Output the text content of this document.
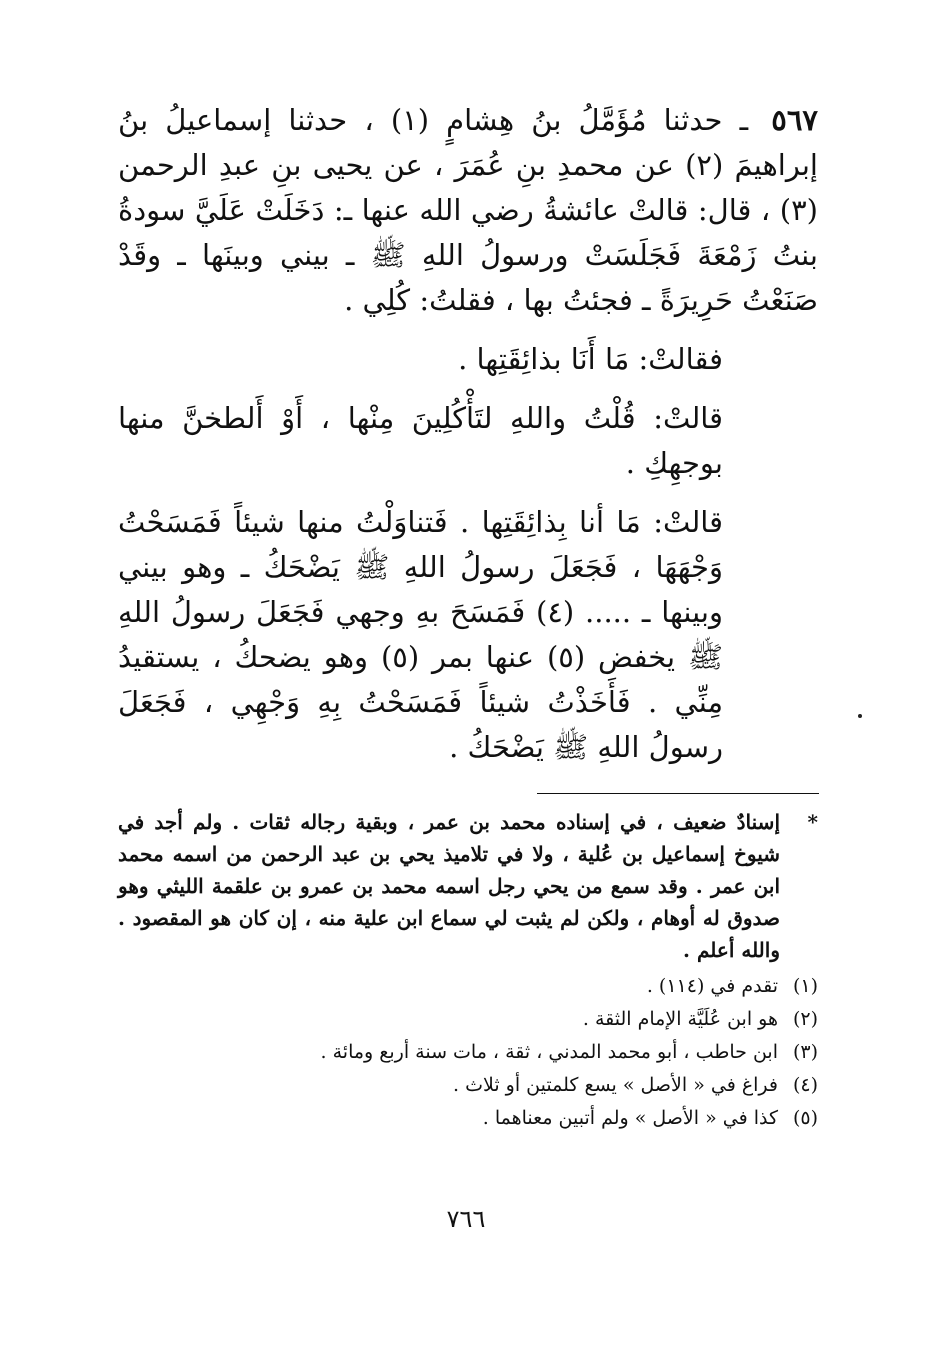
٥٦٧ ـ حدثنا مُؤَمَّلُ بنُ هِشامٍ (١) ، حدثنا إسماعيلُ بنُ إبراهيمَ (٢) عن محمدِ بنِ عُمَرَ ، عن يحيى بنِ عبدِ الرحمن (٣) ، قال: قالتْ عائشةُ رضي الله عنها ـ: دَخَلَتْ عَلَيَّ سودةُ بنتُ زَمْعَةَ فَجَلَسَتْ ورسولُ اللهِ ﷺ ـ بيني وبينَها ـ وقَدْ صَنَعْتُ حَرِيرَةً ـ فجئتُ بها ، فقلتُ: كُلِي .

فقالتْ: مَا أَنَا بذائِقَتِها .

قالتْ: قُلْتُ واللهِ لتَأْكُلِينَ مِنْها ، أَوْ أَلطخنَّ منها بوجهِكِ .

قالتْ: مَا أنا بِذائِقَتِها . فَتناوَلْتُ منها شيئاً فَمَسَحْتُ وَجْهَهَا ، فَجَعَلَ رسولُ اللهِ ﷺ يَضْحَكُ ـ وهو بيني وبينها ـ ..... (٤) فَمَسَحَ بهِ وجهي فَجَعَلَ رسولُ اللهِ ﷺ يخفض (٥) عنها بمر (٥) وهو يضحكُ ، يستقيدُ مِنِّي . فَأَخَذْتُ شيئاً فَمَسَحْتُ بِهِ وَجْهِي ، فَجَعَلَ رسولُ اللهِ ﷺ يَضْحَكُ .

*
إسنادٌ ضعيف ، في إسناده محمد بن عمر ، وبقية رجاله ثقات . ولم أجد في شيوخ إسماعيل بن عُلية ، ولا في تلاميذ يحي بن عبد الرحمن من اسمه محمد ابن عمر . وقد سمع من يحي رجل اسمه محمد بن عمرو بن علقمة الليثي وهو صدوق له أوهام ، ولكن لم يثبت لي سماع ابن علية منه ، إن كان هو المقصود . والله أعلم .

(١)تقدم في (١١٤) .

(٢)هو ابن عُلَيَّة الإمام الثقة .

(٣)ابن حاطب ، أبو محمد المدني ، ثقة ، مات سنة أربع ومائة .

(٤)فراغ في « الأصل » يسع كلمتين أو ثلاث .

(٥)كذا في « الأصل » ولم أتبين معناهما .

٧٦٦
